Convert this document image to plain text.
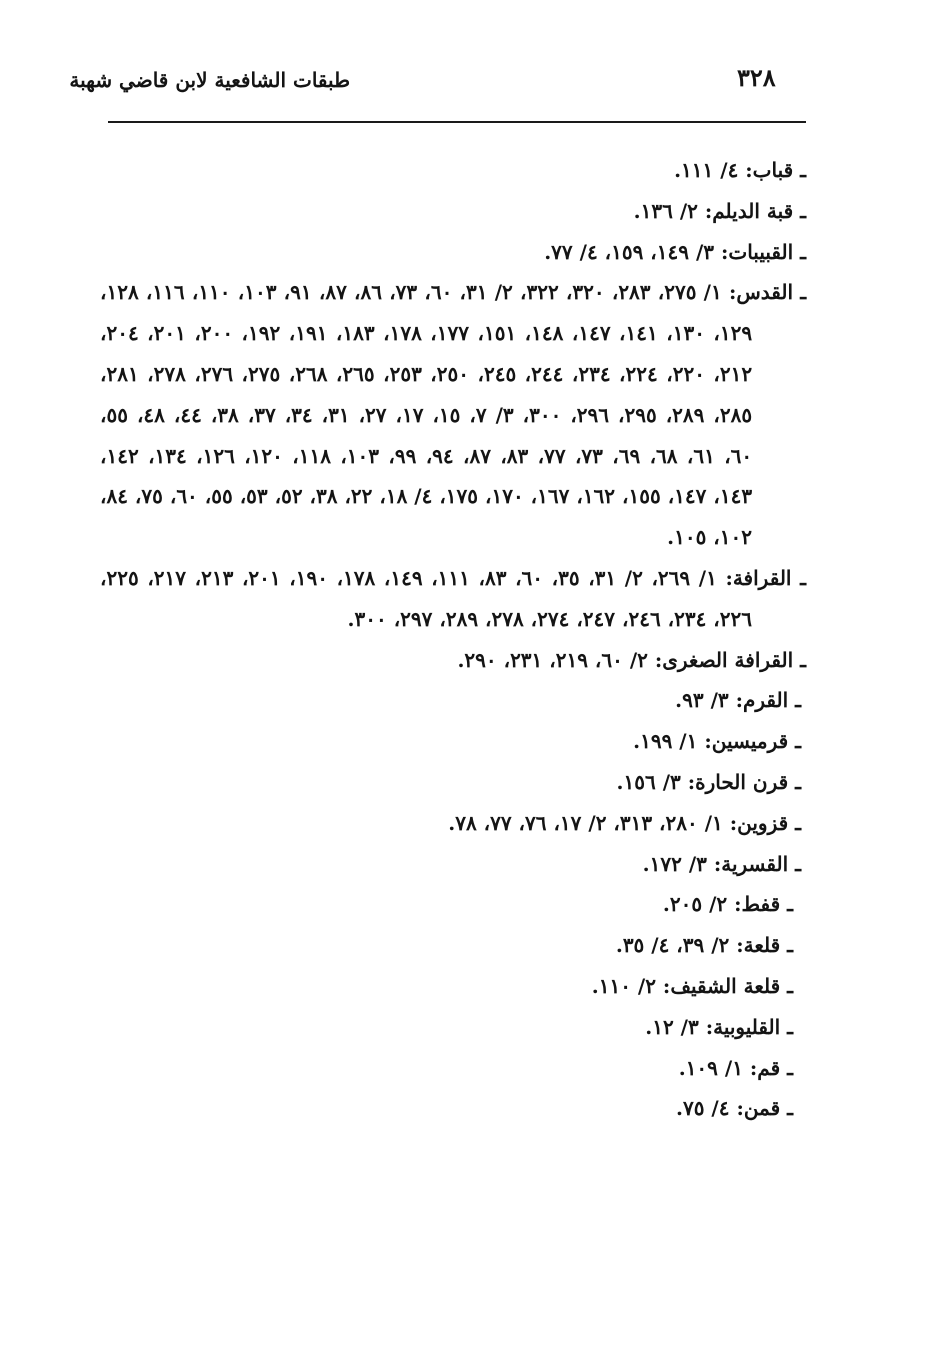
٣٢٨
طبقات الشافعية لابن قاضي شهبة
ـ قباب: ٤/ ١١١.
ـ قبة الديلم: ٢/ ١٣٦.
ـ القبيبات: ٣/ ١٤٩، ١٥٩، ٤/ ٧٧.
ـ القدس: ١/ ٢٧٥، ٢٨٣، ٣٢٠، ٣٢٢، ٢/ ٣١، ٦٠، ٧٣، ٨٦، ٨٧، ٩١، ١٠٣، ١١٠، ١١٦، ١٢٨، ١٢٩، ١٣٠، ١٤١، ١٤٧، ١٤٨، ١٥١، ١٧٧، ١٧٨، ١٨٣، ١٩١، ١٩٢، ٢٠٠، ٢٠١، ٢٠٤، ٢١٢، ٢٢٠، ٢٢٤، ٢٣٤، ٢٤٤، ٢٤٥، ٢٥٠، ٢٥٣، ٢٦٥، ٢٦٨، ٢٧٥، ٢٧٦، ٢٧٨، ٢٨١، ٢٨٥، ٢٨٩، ٢٩٥، ٢٩٦، ٣٠٠، ٣/ ٧، ١٥، ١٧، ٢٧، ٣١، ٣٤، ٣٧، ٣٨، ٤٤، ٤٨، ٥٥، ٦٠، ٦١، ٦٨، ٦٩، ٧٣، ٧٧، ٨٣، ٨٧، ٩٤، ٩٩، ١٠٣، ١١٨، ١٢٠، ١٢٦، ١٣٤، ١٤٢، ١٤٣، ١٤٧، ١٥٥، ١٦٢، ١٦٧، ١٧٠، ١٧٥، ٤/ ١٨، ٢٢، ٣٨، ٥٢، ٥٣، ٥٥، ٦٠، ٧٥، ٨٤، ١٠٢، ١٠٥.
ـ القرافة: ١/ ٢٦٩، ٢/ ٣١، ٣٥، ٦٠، ٨٣، ١١١، ١٤٩، ١٧٨، ١٩٠، ٢٠١، ٢١٣، ٢١٧، ٢٢٥، ٢٢٦، ٢٣٤، ٢٤٦، ٢٤٧، ٢٧٤، ٢٧٨، ٢٨٩، ٢٩٧، ٣٠٠.
ـ القرافة الصغرى: ٢/ ٦٠، ٢١٩، ٢٣١، ٢٩٠.
ـ القرم: ٣/ ٩٣.
ـ قرميسين: ١/ ١٩٩.
ـ قرن الحارة: ٣/ ١٥٦.
ـ قزوين: ١/ ٢٨٠، ٣١٣، ٢/ ١٧، ٧٦، ٧٧، ٧٨.
ـ القسرية: ٣/ ١٧٢.
ـ قفط: ٢/ ٢٠٥.
ـ قلعة: ٢/ ٣٩، ٤/ ٣٥.
ـ قلعة الشقيف: ٢/ ١١٠.
ـ القليوبية: ٣/ ١٢.
ـ قم: ١/ ١٠٩.
ـ قمن: ٤/ ٧٥.
